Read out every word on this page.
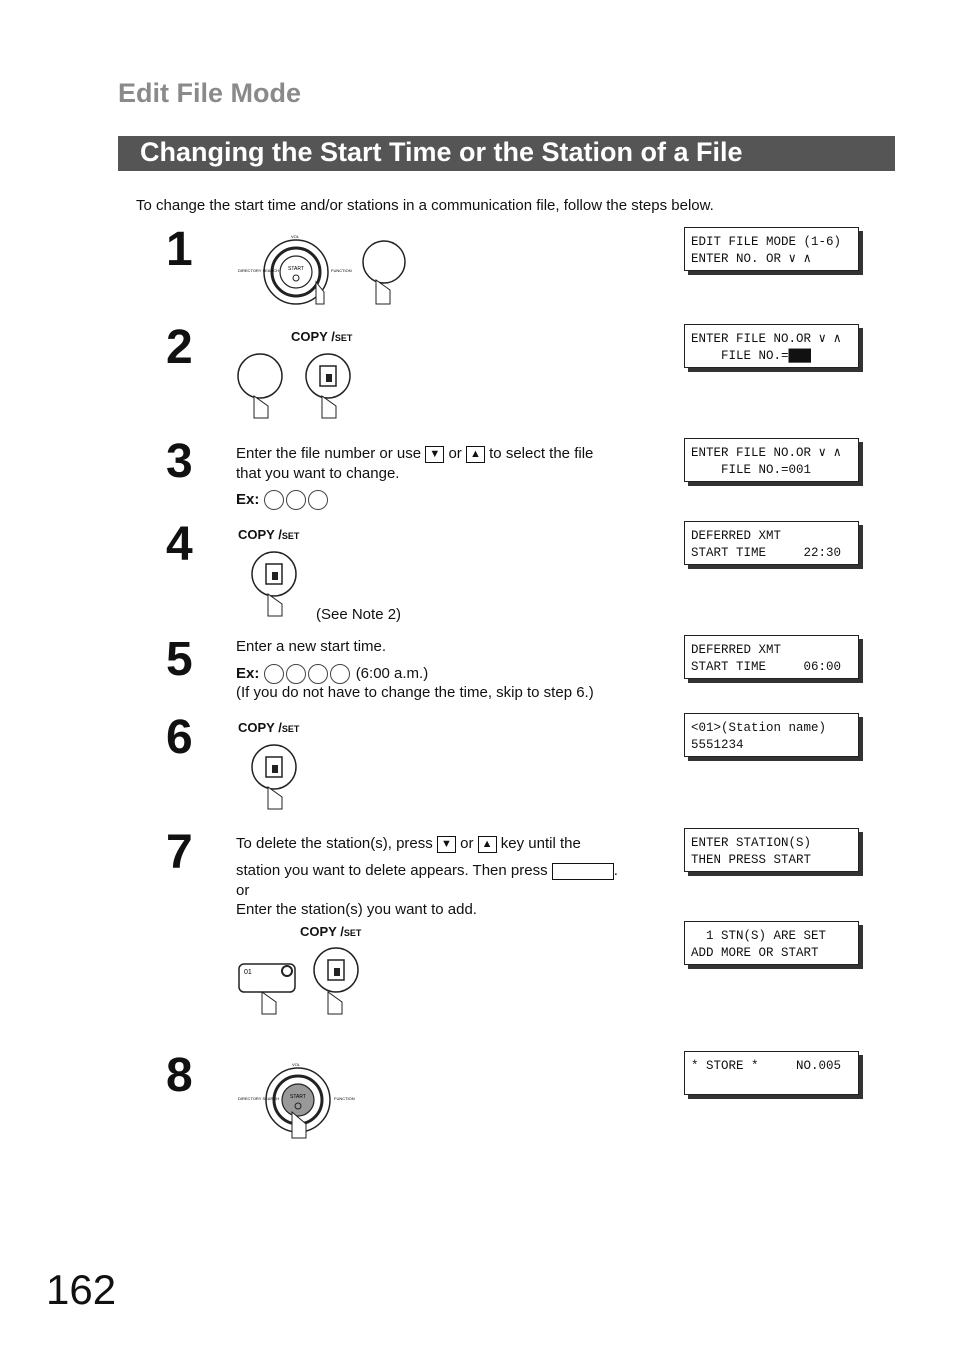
Edit File Mode
Changing the Start Time or the Station of a File
To change the start time and/or stations in a communication file, follow the steps below.
1
2
3
4
5
6
7
8
EDIT FILE MODE (1-6)
ENTER NO. OR ∨ ∧
ENTER FILE NO.OR ∨ ∧
FILE NO.=███
ENTER FILE NO.OR ∨ ∧
FILE NO.=001
DEFERRED XMT
START TIME     22:30
DEFERRED XMT
START TIME     06:00
<01>(Station name)
5551234
ENTER STATION(S)
THEN PRESS START
1 STN(S) ARE SET
ADD MORE OR START
* STORE *     NO.005
START
DIRECTORY SEARCH	FUNCTION
VOL
COPY /SET
Enter the file number or use ▼ or ▲ to select the file
that you want to change.
Ex:
COPY /SET
(See Note 2)
Enter a new start time.
Ex:	(6:00 a.m.)
(If you do not have to change the time, skip to step 6.)
COPY /SET
To delete the station(s), press ▼ or ▲ key until the
station you want to delete appears. Then press	.
or
Enter the station(s) you want to add.
COPY /SET
01
START
DIRECTORY SEARCH	FUNCTION
VOL
162
